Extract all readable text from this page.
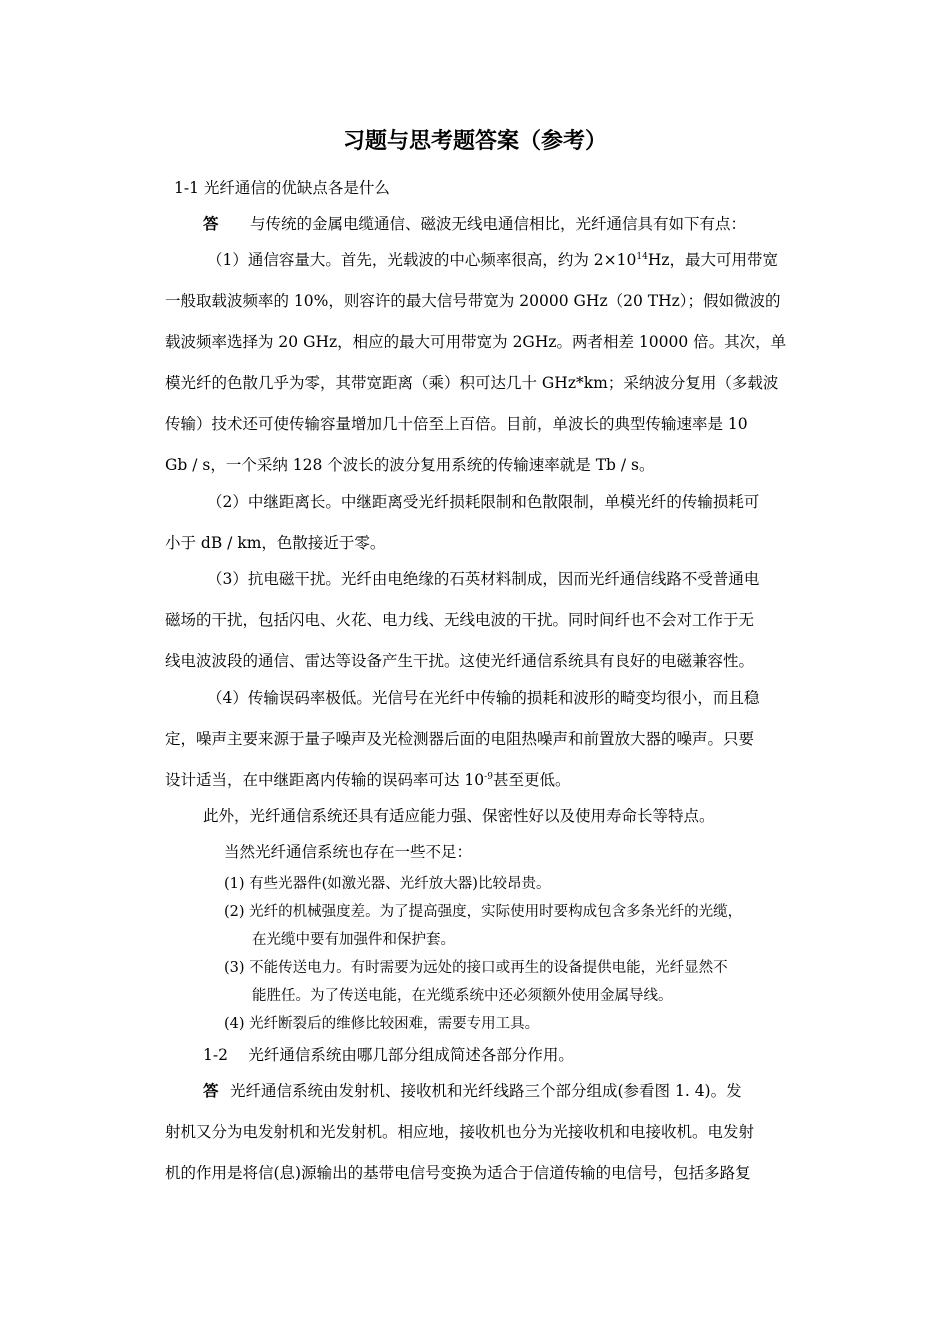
习题与思考题答案（参考）
1-1 光纤通信的优缺点各是什么
答 与传统的金属电缆通信、磁波无线电通信相比，光纤通信具有如下有点：
（1）通信容量大。首先，光载波的中心频率很高，约为 $2\times 10^{14}Hz$，最大可用带宽
一般取载波频率的 10%，则容许的最大信号带宽为 20000 GHz（20 THz）；假如微波的
载波频率选择为 20 GHz，相应的最大可用带宽为 2GHz。两者相差 10000 倍。其次，单
模光纤的色散几乎为零，其带宽距离（乘）积可达几十 GHz*km；采纳波分复用（多载波
传输）技术还可使传输容量增加几十倍至上百倍。目前，单波长的典型传输速率是 10
Gb / s，一个采纳 128 个波长的波分复用系统的传输速率就是 Tb / s。
（2）中继距离长。中继距离受光纤损耗限制和色散限制，单模光纤的传输损耗可
小于 dB / km，色散接近于零。
（3）抗电磁干扰。光纤由电绝缘的石英材料制成，因而光纤通信线路不受普通电
磁场的干扰，包括闪电、火花、电力线、无线电波的干扰。同时间纤也不会对工作于无
线电波波段的通信、雷达等设备产生干扰。这使光纤通信系统具有良好的电磁兼容性。
（4）传输误码率极低。光信号在光纤中传输的损耗和波形的畸变均很小，而且稳
定，噪声主要来源于量子噪声及光检测器后面的电阻热噪声和前置放大器的噪声。只要
设计适当，在中继距离内传输的误码率可达 $10^{-9}$甚至更低。
此外，光纤通信系统还具有适应能力强、保密性好以及使用寿命长等特点。
当然光纤通信系统也存在一些不足：
(1) 有些光器件(如激光器、光纤放大器)比较昂贵。
(2) 光纤的机械强度差。为了提高强度，实际使用时要构成包含多条光纤的光缆，
在光缆中要有加强件和保护套。
(3) 不能传送电力。有时需要为远处的接口或再生的设备提供电能，光纤显然不
能胜任。为了传送电能，在光缆系统中还必须额外使用金属导线。
(4) 光纤断裂后的维修比较困难，需要专用工具。
1-2　 光纤通信系统由哪几部分组成简述各部分作用。
答 光纤通信系统由发射机、接收机和光纤线路三个部分组成(参看图 1. 4)。发
射机又分为电发射机和光发射机。相应地，接收机也分为光接收机和电接收机。电发射
机的作用是将信(息)源输出的基带电信号变换为适合于信道传输的电信号，包括多路复
